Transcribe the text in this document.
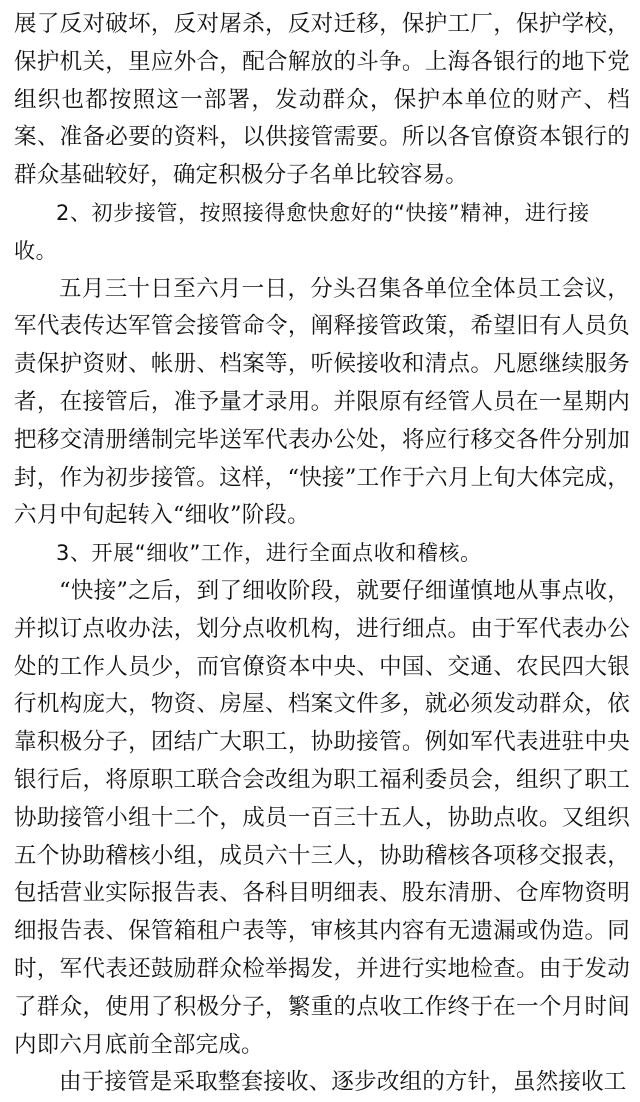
展了反对破坏，反对屠杀，反对迁移，保护工厂，保护学校，保护机关，里应外合，配合解放的斗争。上海各银行的地下党组织也都按照这一部署，发动群众，保护本单位的财产、档案、准备必要的资料，以供接管需要。所以各官僚资本银行的群众基础较好，确定积极分子名单比较容易。

2、初步接管，按照接得愈快愈好的“快接”精神，进行接收。

五月三十日至六月一日，分头召集各单位全体员工会议，军代表传达军管会接管命令，阐释接管政策，希望旧有人员负责保护资财、帐册、档案等，听候接收和清点。凡愿继续服务者，在接管后，准予量才录用。并限原有经管人员在一星期内把移交清册缮制完毕送军代表办公处，将应行移交各件分别加封，作为初步接管。这样，“快接”工作于六月上旬大体完成，六月中旬起转入“细收”阶段。

3、开展“细收”工作，进行全面点收和稽核。

“快接”之后，到了细收阶段，就要仔细谨慎地从事点收，并拟订点收办法，划分点收机构，进行细点。由于军代表办公处的工作人员少，而官僚资本中央、中国、交通、农民四大银行机构庞大，物资、房屋、档案文件多，就必须发动群众，依靠积极分子，团结广大职工，协助接管。例如军代表进驻中央银行后，将原职工联合会改组为职工福利委员会，组织了职工协助接管小组十二个，成员一百三十五人，协助点收。又组织五个协助稽核小组，成员六十三人，协助稽核各项移交报表，包括营业实际报告表、各科目明细表、股东清册、仓库物资明细报告表、保管箱租户表等，审核其内容有无遗漏或伪造。同时，军代表还鼓励群众检举揭发，并进行实地检查。由于发动了群众，使用了积极分子，繁重的点收工作终于在一个月时间内即六月底前全部完成。

由于接管是采取整套接收、逐步改组的方针，虽然接收工
